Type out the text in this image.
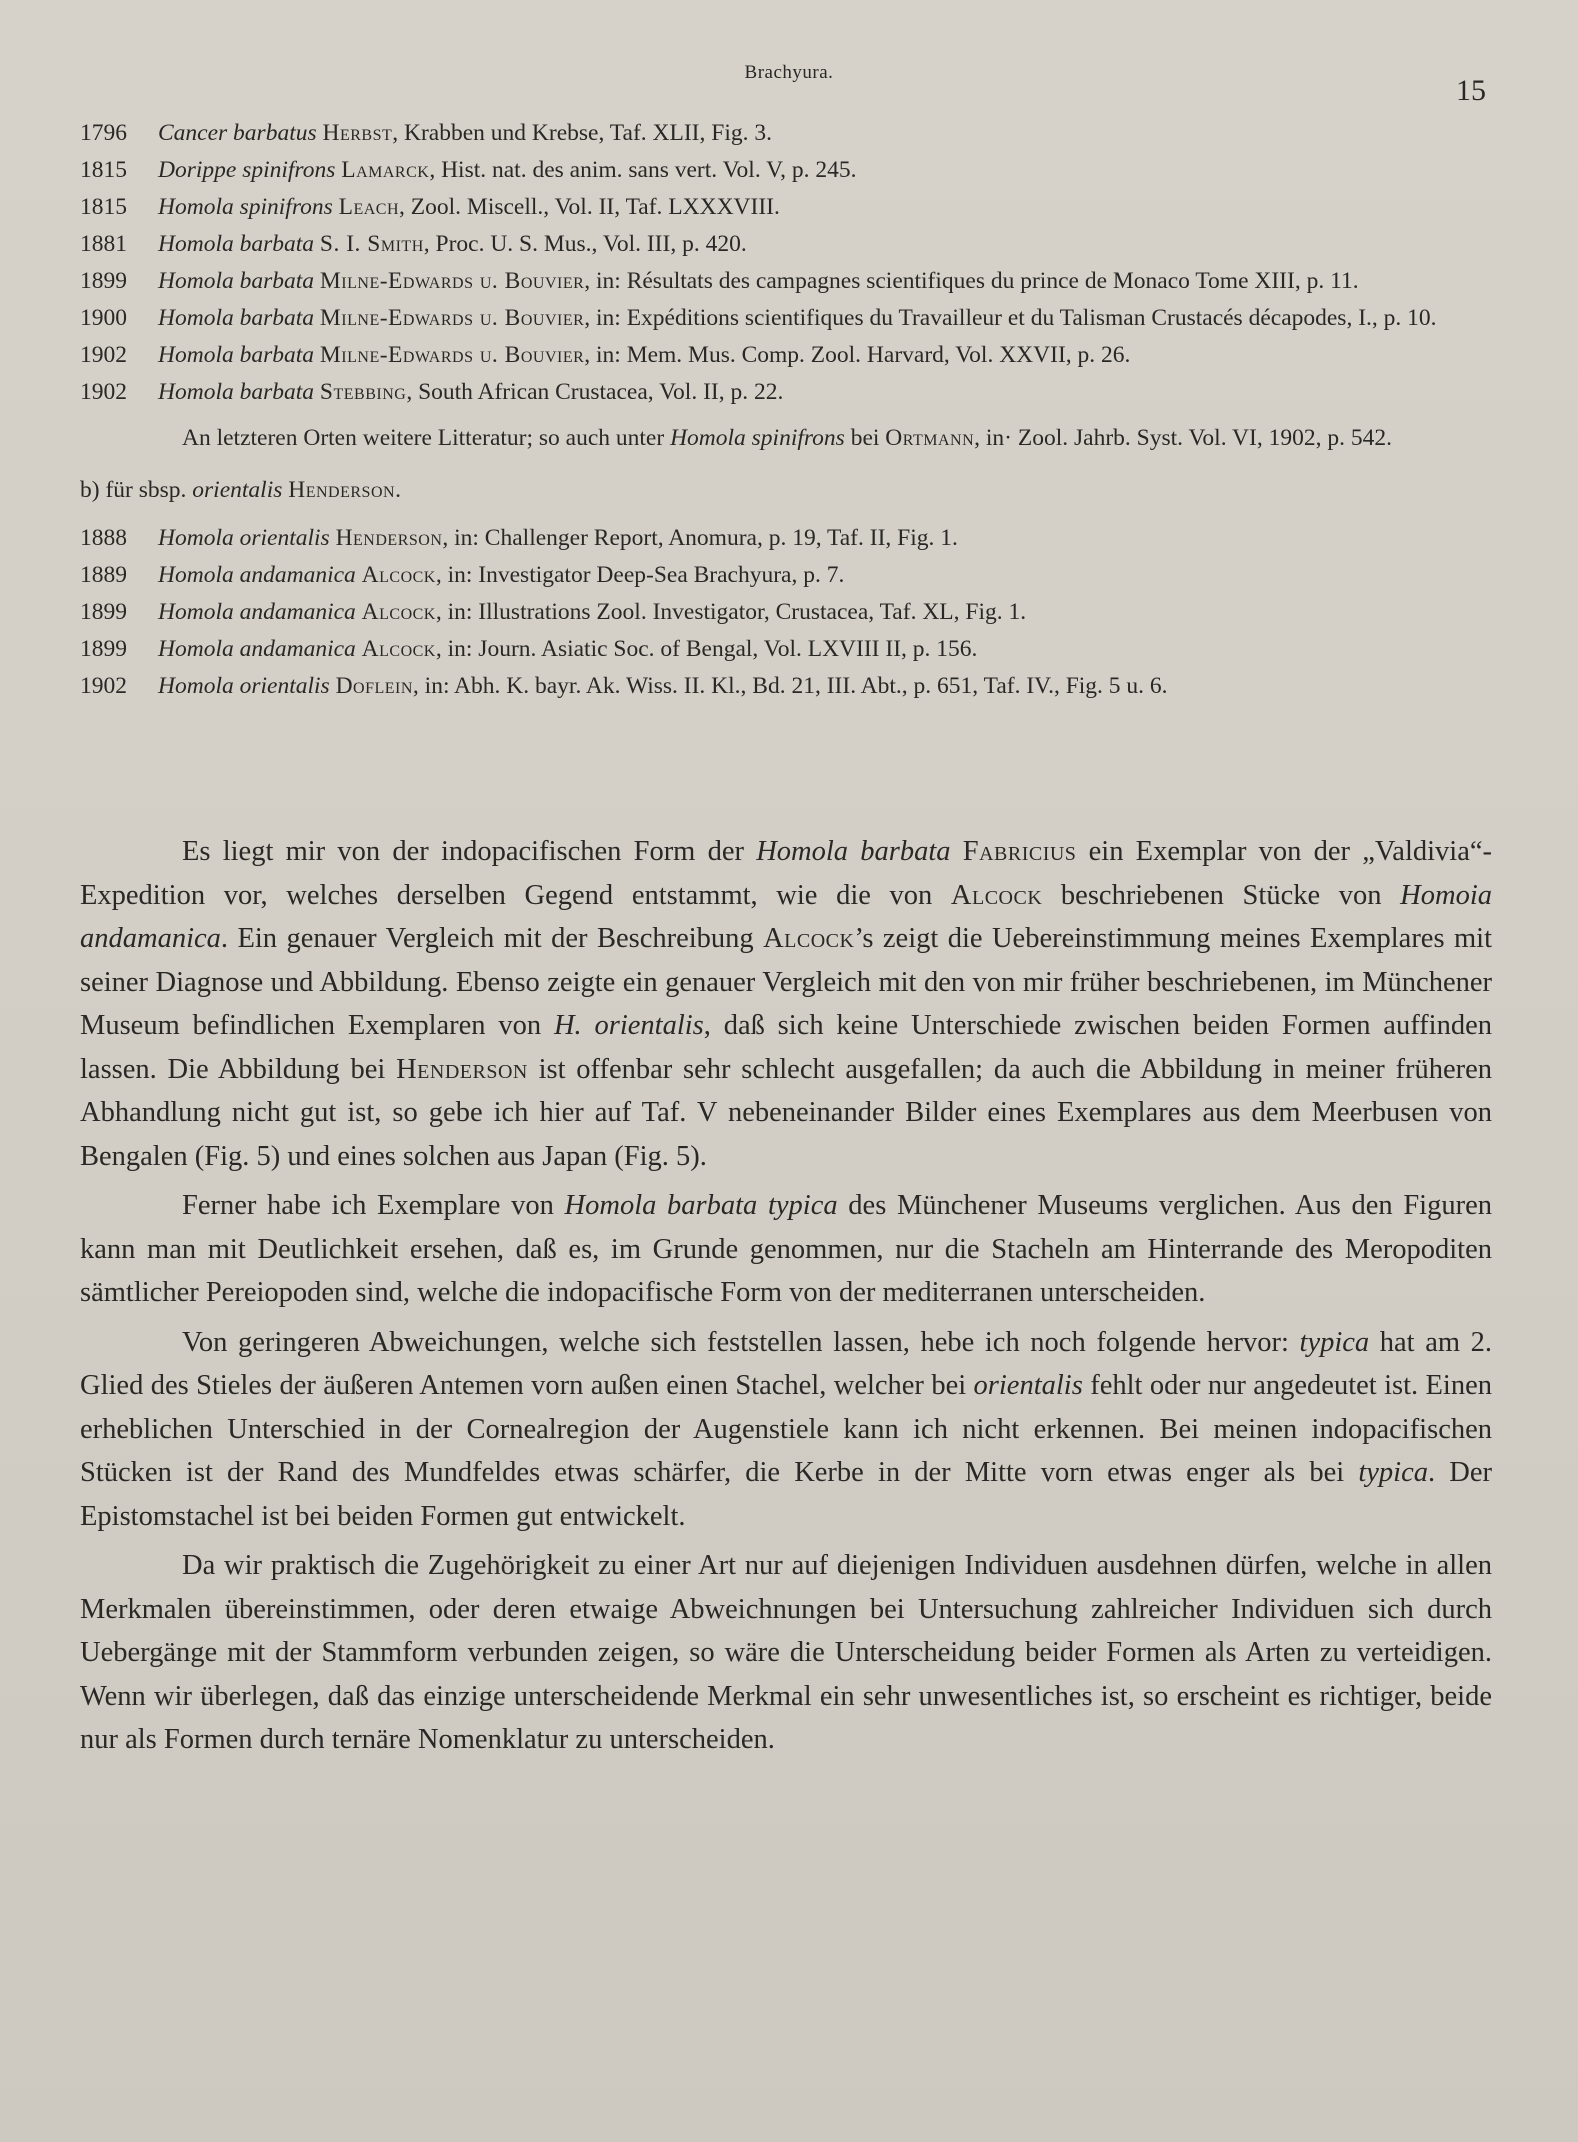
Brachyura.
15

1796 Cancer barbatus Herbst, Krabben und Krebse, Taf. XLII, Fig. 3.

1815 Dorippe spinifrons Lamarck, Hist. nat. des anim. sans vert. Vol. V, p. 245.

1815 Homola spinifrons Leach, Zool. Miscell., Vol. II, Taf. LXXXVIII.

1881 Homola barbata S. I. Smith, Proc. U. S. Mus., Vol. III, p. 420.

1899 Homola barbata Milne-Edwards u. Bouvier, in: Résultats des campagnes scientifiques du prince de Monaco Tome XIII, p. 11.

1900 Homola barbata Milne-Edwards u. Bouvier, in: Expéditions scientifiques du Travailleur et du Talisman Crustacés décapodes, I., p. 10.

1902 Homola barbata Milne-Edwards u. Bouvier, in: Mem. Mus. Comp. Zool. Harvard, Vol. XXVII, p. 26.

1902 Homola barbata Stebbing, South African Crustacea, Vol. II, p. 22.

An letzteren Orten weitere Litteratur; so auch unter Homola spinifrons bei Ortmann, in· Zool. Jahrb. Syst. Vol. VI, 1902, p. 542.

b) für sbsp. orientalis Henderson.

1888 Homola orientalis Henderson, in: Challenger Report, Anomura, p. 19, Taf. II, Fig. 1.

1889 Homola andamanica Alcock, in: Investigator Deep-Sea Brachyura, p. 7.

1899 Homola andamanica Alcock, in: Illustrations Zool. Investigator, Crustacea, Taf. XL, Fig. 1.

1899 Homola andamanica Alcock, in: Journ. Asiatic Soc. of Bengal, Vol. LXVIII II, p. 156.

1902 Homola orientalis Doflein, in: Abh. K. bayr. Ak. Wiss. II. Kl., Bd. 21, III. Abt., p. 651, Taf. IV., Fig. 5 u. 6.

Es liegt mir von der indopacifischen Form der Homola barbata Fabricius ein Exemplar von der „Valdivia“-Expedition vor, welches derselben Gegend entstammt, wie die von Alcock beschriebenen Stücke von Homoia andamanica. Ein genauer Vergleich mit der Beschreibung Alcock’s zeigt die Uebereinstimmung meines Exemplares mit seiner Diagnose und Abbildung. Ebenso zeigte ein genauer Vergleich mit den von mir früher beschriebenen, im Münchener Museum befindlichen Exemplaren von H. orientalis, daß sich keine Unterschiede zwischen beiden Formen auffinden lassen. Die Abbildung bei Henderson ist offenbar sehr schlecht ausgefallen; da auch die Abbildung in meiner früheren Abhandlung nicht gut ist, so gebe ich hier auf Taf. V nebeneinander Bilder eines Exemplares aus dem Meerbusen von Bengalen (Fig. 5) und eines solchen aus Japan (Fig. 5).

Ferner habe ich Exemplare von Homola barbata typica des Münchener Museums verglichen. Aus den Figuren kann man mit Deutlichkeit ersehen, daß es, im Grunde genommen, nur die Stacheln am Hinterrande des Meropoditen sämtlicher Pereiopoden sind, welche die indopacifische Form von der mediterranen unterscheiden.

Von geringeren Abweichungen, welche sich feststellen lassen, hebe ich noch folgende hervor: typica hat am 2. Glied des Stieles der äußeren Antemen vorn außen einen Stachel, welcher bei orientalis fehlt oder nur angedeutet ist. Einen erheblichen Unterschied in der Cornealregion der Augenstiele kann ich nicht erkennen. Bei meinen indopacifischen Stücken ist der Rand des Mundfeldes etwas schärfer, die Kerbe in der Mitte vorn etwas enger als bei typica. Der Epistomstachel ist bei beiden Formen gut entwickelt.

Da wir praktisch die Zugehörigkeit zu einer Art nur auf diejenigen Individuen ausdehnen dürfen, welche in allen Merkmalen übereinstimmen, oder deren etwaige Abweichnungen bei Untersuchung zahlreicher Individuen sich durch Uebergänge mit der Stammform verbunden zeigen, so wäre die Unterscheidung beider Formen als Arten zu verteidigen. Wenn wir überlegen, daß das einzige unterscheidende Merkmal ein sehr unwesentliches ist, so erscheint es richtiger, beide nur als Formen durch ternäre Nomenklatur zu unterscheiden.
